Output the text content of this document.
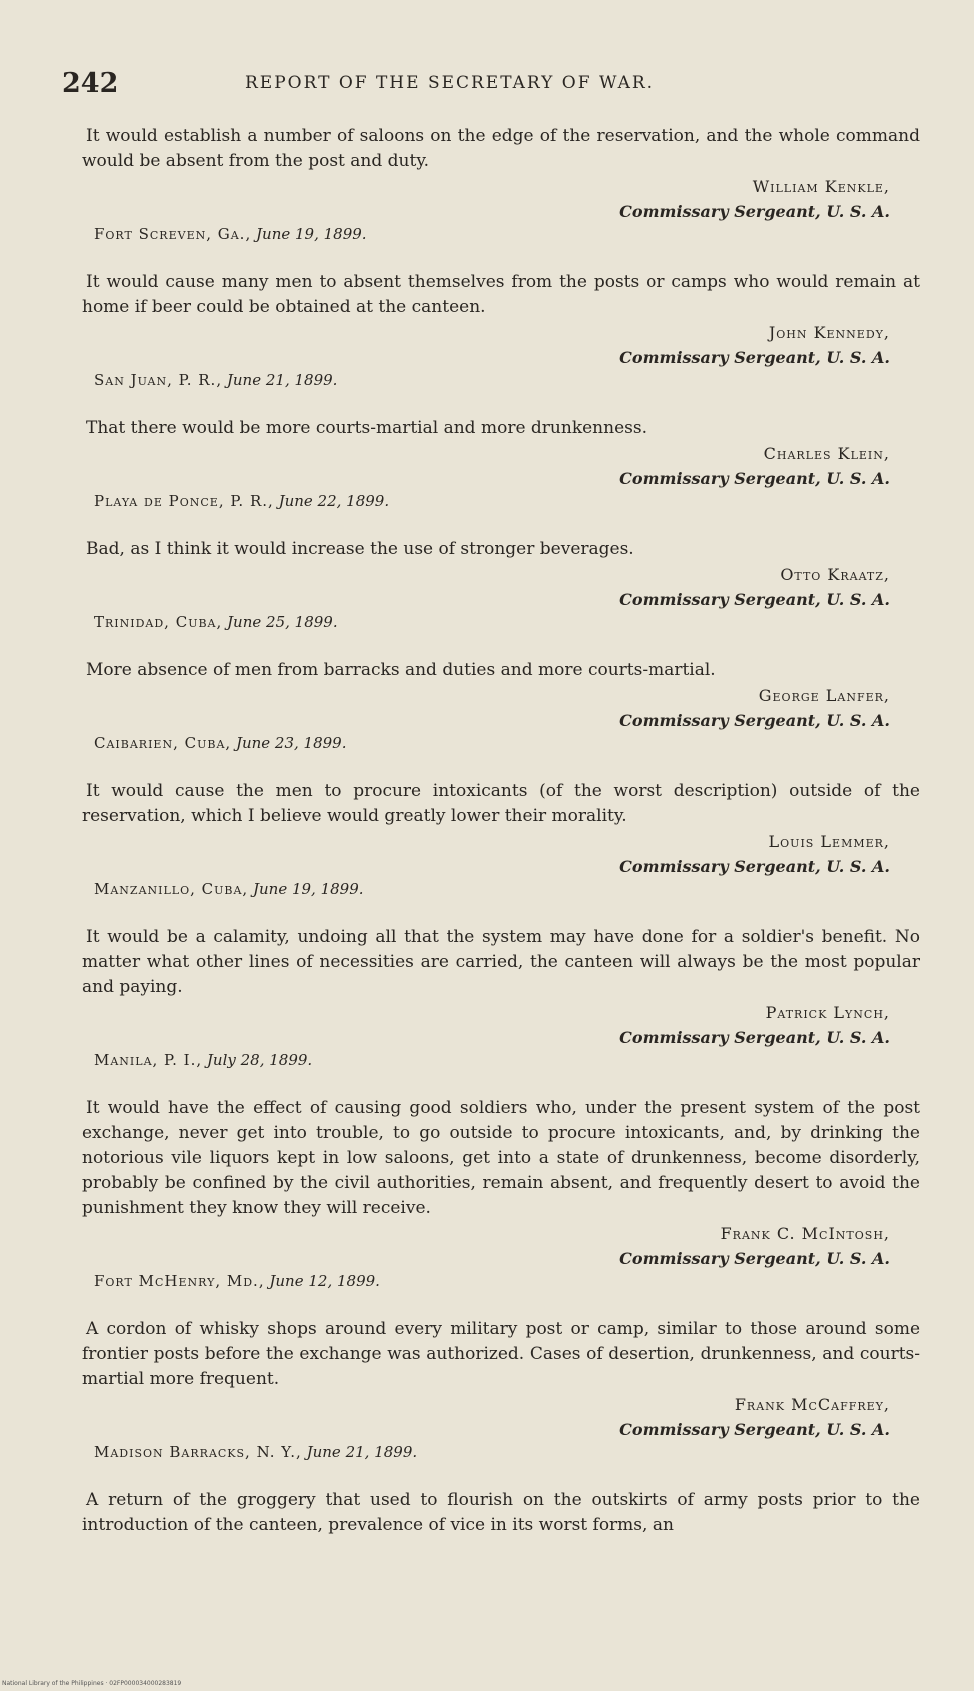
242	REPORT OF THE SECRETARY OF WAR.

It would establish a number of saloons on the edge of the reservation, and the whole command would be absent from the post and duty.

William Kenkle,
Commissary Sergeant, U. S. A.
Fort Screven, Ga., June 19, 1899.

It would cause many men to absent themselves from the posts or camps who would remain at home if beer could be obtained at the canteen.

John Kennedy,
Commissary Sergeant, U. S. A.
San Juan, P. R., June 21, 1899.

That there would be more courts-martial and more drunkenness.

Charles Klein,
Commissary Sergeant, U. S. A.
Playa de Ponce, P. R., June 22, 1899.

Bad, as I think it would increase the use of stronger beverages.

Otto Kraatz,
Commissary Sergeant, U. S. A.
Trinidad, Cuba, June 25, 1899.

More absence of men from barracks and duties and more courts-martial.

George Lanfer,
Commissary Sergeant, U. S. A.
Caibarien, Cuba, June 23, 1899.

It would cause the men to procure intoxicants (of the worst description) outside of the reservation, which I believe would greatly lower their morality.

Louis Lemmer,
Commissary Sergeant, U. S. A.
Manzanillo, Cuba, June 19, 1899.

It would be a calamity, undoing all that the system may have done for a soldier's benefit. No matter what other lines of necessities are carried, the canteen will always be the most popular and paying.

Patrick Lynch,
Commissary Sergeant, U. S. A.
Manila, P. I., July 28, 1899.

It would have the effect of causing good soldiers who, under the present system of the post exchange, never get into trouble, to go outside to procure intoxicants, and, by drinking the notorious vile liquors kept in low saloons, get into a state of drunkenness, become disorderly, probably be confined by the civil authorities, remain absent, and frequently desert to avoid the punishment they know they will receive.

Frank C. McIntosh,
Commissary Sergeant, U. S. A.
Fort McHenry, Md., June 12, 1899.

A cordon of whisky shops around every military post or camp, similar to those around some frontier posts before the exchange was authorized. Cases of desertion, drunkenness, and courts-martial more frequent.

Frank McCaffrey,
Commissary Sergeant, U. S. A.
Madison Barracks, N. Y., June 21, 1899.

A return of the groggery that used to flourish on the outskirts of army posts prior to the introduction of the canteen, prevalence of vice in its worst forms, an

National Library of the Philippines · 02FP000034000283819
